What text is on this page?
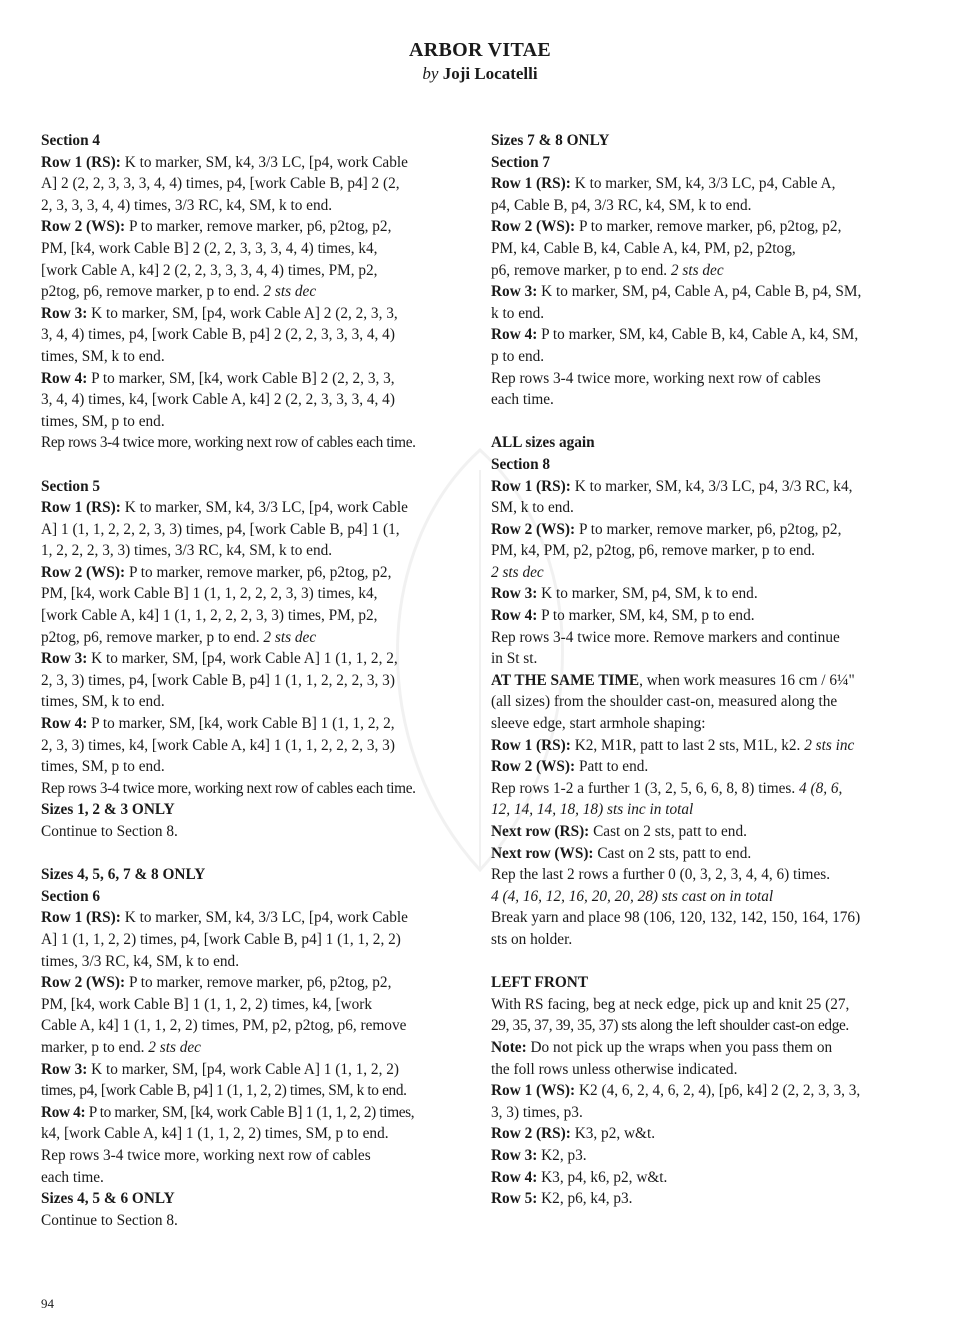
ARBOR VITAE

by Joji Locatelli

Section 4

Row 1 (RS): K to marker, SM, k4, 3/3 LC, [p4, work Cable

A] 2 (2, 2, 3, 3, 3, 4, 4) times, p4, [work Cable B, p4] 2 (2,

2, 3, 3, 3, 4, 4) times, 3/3 RC, k4, SM, k to end.

Row 2 (WS): P to marker, remove marker, p6, p2tog, p2,

PM, [k4, work Cable B] 2 (2, 2, 3, 3, 3, 4, 4) times, k4,

[work Cable A, k4] 2 (2, 2, 3, 3, 3, 4, 4) times, PM, p2,

p2tog, p6, remove marker, p to end. 2 sts dec

Row 3: K to marker, SM, [p4, work Cable A] 2 (2, 2, 3, 3,

3, 4, 4) times, p4, [work Cable B, p4] 2 (2, 2, 3, 3, 3, 4, 4)

times, SM, k to end.

Row 4: P to marker, SM, [k4, work Cable B] 2 (2, 2, 3, 3,

3, 4, 4) times, k4, [work Cable A, k4] 2 (2, 2, 3, 3, 3, 4, 4)

times, SM, p to end.

Rep rows 3-4 twice more, working next row of cables each time.

Section 5

Row 1 (RS): K to marker, SM, k4, 3/3 LC, [p4, work Cable

A] 1 (1, 1, 2, 2, 2, 3, 3) times, p4, [work Cable B, p4] 1 (1,

1, 2, 2, 2, 3, 3) times, 3/3 RC, k4, SM, k to end.

Row 2 (WS): P to marker, remove marker, p6, p2tog, p2,

PM, [k4, work Cable B] 1 (1, 1, 2, 2, 2, 3, 3) times, k4,

[work Cable A, k4] 1 (1, 1, 2, 2, 2, 3, 3) times, PM, p2,

p2tog, p6, remove marker, p to end. 2 sts dec

Row 3: K to marker, SM, [p4, work Cable A] 1 (1, 1, 2, 2,

2, 3, 3) times, p4, [work Cable B, p4] 1 (1, 1, 2, 2, 2, 3, 3)

times, SM, k to end.

Row 4: P to marker, SM, [k4, work Cable B] 1 (1, 1, 2, 2,

2, 3, 3) times, k4, [work Cable A, k4] 1 (1, 1, 2, 2, 2, 3, 3)

times, SM, p to end.

Rep rows 3-4 twice more, working next row of cables each time.

Sizes 1, 2 & 3 ONLY

Continue to Section 8.

Sizes 4, 5, 6, 7 & 8 ONLY

Section 6

Row 1 (RS): K to marker, SM, k4, 3/3 LC, [p4, work Cable

A] 1 (1, 1, 2, 2) times, p4, [work Cable B, p4] 1 (1, 1, 2, 2)

times, 3/3 RC, k4, SM, k to end.

Row 2 (WS): P to marker, remove marker, p6, p2tog, p2,

PM, [k4, work Cable B] 1 (1, 1, 2, 2) times, k4, [work

Cable A, k4] 1 (1, 1, 2, 2) times, PM, p2, p2tog, p6, remove

marker, p to end. 2 sts dec

Row 3: K to marker, SM, [p4, work Cable A] 1 (1, 1, 2, 2)

times, p4, [work Cable B, p4] 1 (1, 1, 2, 2) times, SM, k to end.

Row 4: P to marker, SM, [k4, work Cable B] 1 (1, 1, 2, 2) times,

k4, [work Cable A, k4] 1 (1, 1, 2, 2) times, SM, p to end.

Rep rows 3-4 twice more, working next row of cables

each time.

Sizes 4, 5 & 6 ONLY

Continue to Section 8.

Sizes 7 & 8 ONLY

Section 7

Row 1 (RS): K to marker, SM, k4, 3/3 LC, p4, Cable A,

p4, Cable B, p4, 3/3 RC, k4, SM, k to end.

Row 2 (WS): P to marker, remove marker, p6, p2tog, p2,

PM, k4, Cable B, k4, Cable A, k4, PM, p2, p2tog,

p6, remove marker, p to end. 2 sts dec

Row 3: K to marker, SM, p4, Cable A, p4, Cable B, p4, SM,

k to end.

Row 4: P to marker, SM, k4, Cable B, k4, Cable A, k4, SM,

p to end.

Rep rows 3-4 twice more, working next row of cables

each time.

ALL sizes again

Section 8

Row 1 (RS): K to marker, SM, k4, 3/3 LC, p4, 3/3 RC, k4,

SM, k to end.

Row 2 (WS): P to marker, remove marker, p6, p2tog, p2,

PM, k4, PM, p2, p2tog, p6, remove marker, p to end.

2 sts dec

Row 3: K to marker, SM, p4, SM, k to end.

Row 4: P to marker, SM, k4, SM, p to end.

Rep rows 3-4 twice more. Remove markers and continue

in St st.

AT THE SAME TIME, when work measures 16 cm / 6¼"

(all sizes) from the shoulder cast-on, measured along the

sleeve edge, start armhole shaping:

Row 1 (RS): K2, M1R, patt to last 2 sts, M1L, k2. 2 sts inc

Row 2 (WS): Patt to end.

Rep rows 1-2 a further 1 (3, 2, 5, 6, 6, 8, 8) times. 4 (8, 6,

12, 14, 14, 18, 18) sts inc in total

Next row (RS): Cast on 2 sts, patt to end.

Next row (WS): Cast on 2 sts, patt to end.

Rep the last 2 rows a further 0 (0, 3, 2, 3, 4, 4, 6) times.

4 (4, 16, 12, 16, 20, 20, 28) sts cast on in total

Break yarn and place 98 (106, 120, 132, 142, 150, 164, 176)

sts on holder.

LEFT FRONT

With RS facing, beg at neck edge, pick up and knit 25 (27,

29, 35, 37, 39, 35, 37) sts along the left shoulder cast-on edge.

Note: Do not pick up the wraps when you pass them on

the foll rows unless otherwise indicated.

Row 1 (WS): K2 (4, 6, 2, 4, 6, 2, 4), [p6, k4] 2 (2, 2, 3, 3, 3,

3, 3) times, p3.

Row 2 (RS): K3, p2, w&t.

Row 3: K2, p3.

Row 4: K3, p4, k6, p2, w&t.

Row 5: K2, p6, k4, p3.

94
